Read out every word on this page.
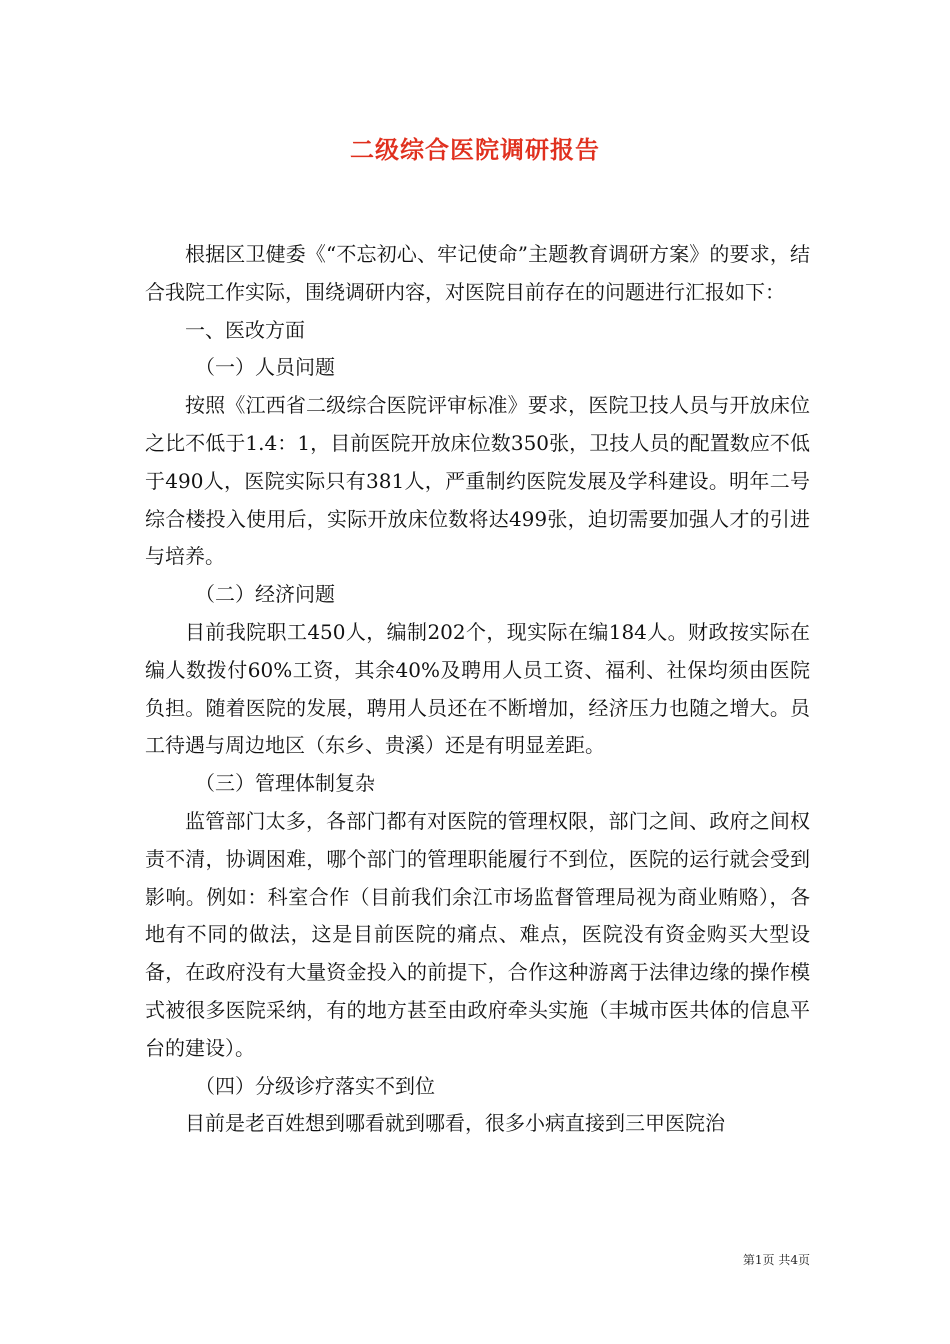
二级综合医院调研报告

根据区卫健委《“不忘初心、牢记使命”主题教育调研方案》的要求，结合我院工作实际，围绕调研内容，对医院目前存在的问题进行汇报如下：

一、医改方面

（一）人员问题

按照《江西省二级综合医院评审标准》要求，医院卫技人员与开放床位之比不低于1.4：1，目前医院开放床位数350张，卫技人员的配置数应不低于490人，医院实际只有381人，严重制约医院发展及学科建设。明年二号综合楼投入使用后，实际开放床位数将达499张，迫切需要加强人才的引进与培养。

（二）经济问题

目前我院职工450人，编制202个，现实际在编184人。财政按实际在编人数拨付60%工资，其余40%及聘用人员工资、福利、社保均须由医院负担。随着医院的发展，聘用人员还在不断增加，经济压力也随之增大。员工待遇与周边地区（东乡、贵溪）还是有明显差距。

（三）管理体制复杂

监管部门太多，各部门都有对医院的管理权限，部门之间、政府之间权责不清，协调困难，哪个部门的管理职能履行不到位，医院的运行就会受到影响。例如：科室合作（目前我们余江市场监督管理局视为商业贿赂），各地有不同的做法，这是目前医院的痛点、难点，医院没有资金购买大型设备，在政府没有大量资金投入的前提下，合作这种游离于法律边缘的操作模式被很多医院采纳，有的地方甚至由政府牵头实施（丰城市医共体的信息平台的建设）。

（四）分级诊疗落实不到位

目前是老百姓想到哪看就到哪看，很多小病直接到三甲医院治

第1页 共4页
